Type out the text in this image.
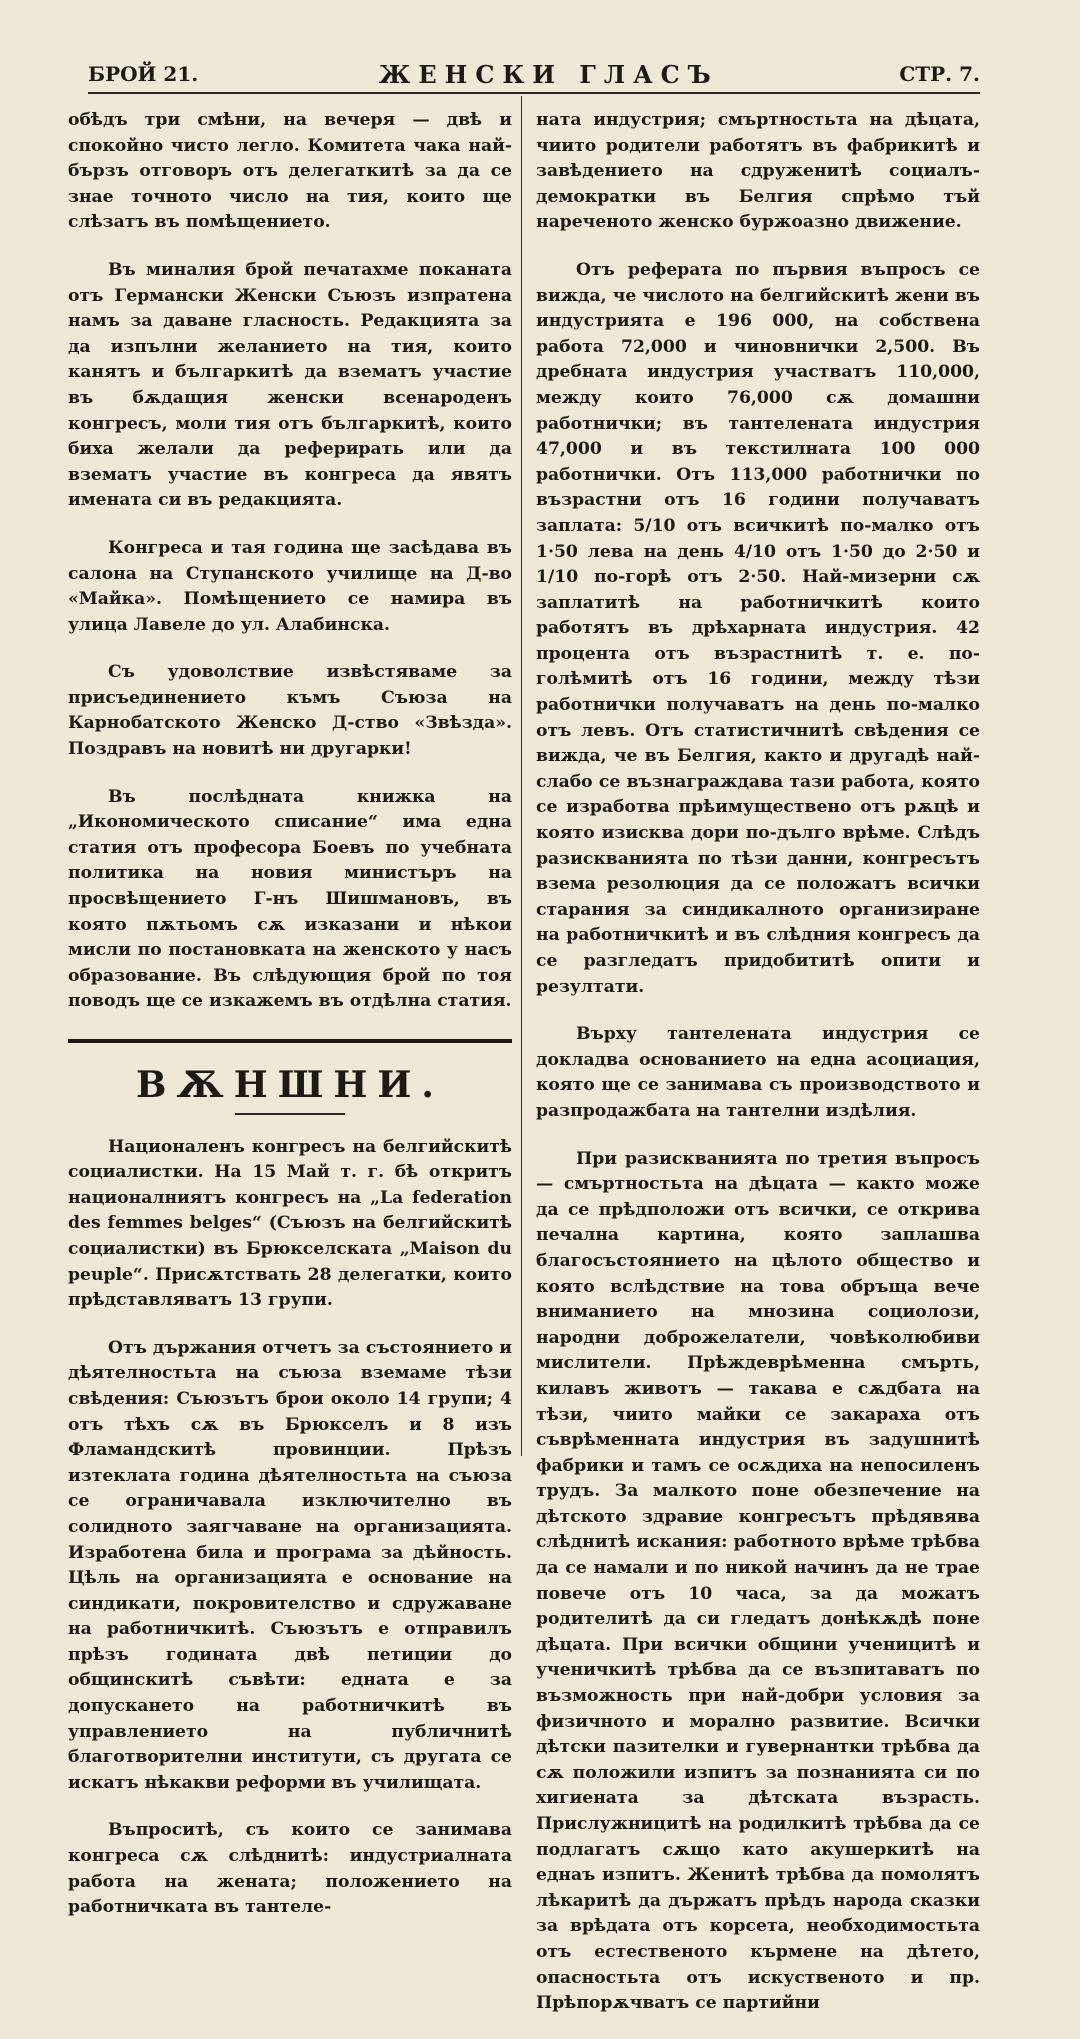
БРОЙ 21.	ЖЕНСКИ ГЛАСЪ	СТР. 7.

обѣдъ три смѣни, на вечеря — двѣ и спокойно чисто легло. Комитета чака най-бързъ отговоръ отъ делегаткитѣ за да се знае точното число на тия, които ще слѣзатъ въ помѣщението.

Въ миналия брой печатахме поканата отъ Германски Женски Съюзъ изпратена намъ за даване гласность. Редакцията за да изпълни желанието на тия, които канятъ и българкитѣ да взематъ участие въ бѫдащия женски всенароденъ конгресъ, моли тия отъ българкитѣ, които биха желали да реферирать или да взематъ участие въ конгреса да явятъ имената си въ редакцията.

Конгреса и тая година ще засѣдава въ салона на Ступанското училище на Д-во «Майка». Помѣщението се намира въ улица Лавеле до ул. Алабинска.

Съ удоволствие извѣстяваме за присъединението къмъ Съюза на Карнобатското Женско Д-ство «Звѣзда». Поздравъ на новитѣ ни другарки!

Въ послѣдната книжка на „Икономическото списание“ има една статия отъ професора Боевъ по учебната политика на новия министъръ на просвѣщението Г-нъ Шишмановъ, въ която пѫтьомъ сѫ изказани и нѣкои мисли по постановката на женското у насъ образование. Въ слѣдующия брой по тоя поводъ ще се изкажемъ въ отдѣлна статия.

ВѪНШНИ.

Националенъ конгресъ на белгийскитѣ социалистки. На 15 Май т. г. бѣ откритъ националниятъ конгресъ на „La federation des femmes belges“ (Съюзъ на белгийскитѣ социалистки) въ Брюкселската „Maison du peuple“. Присѫтствать 28 делегатки, които прѣдставляватъ 13 групи.

Отъ държания отчетъ за състоянието и дѣятелностьта на съюза вземаме тѣзи свѣдения: Съюзътъ брои около 14 групи; 4 отъ тѣхъ сѫ въ Брюкселъ и 8 изъ Фламандскитѣ провинции. Прѣзъ изтеклата година дѣятелностьта на съюза се ограничавала изключително въ солидното заягчаване на организацията. Изработена била и програма за дѣйность. Цѣль на организацията е основание на синдикати, покровителство и сдружаване на работничкитѣ. Съюзътъ е отправилъ прѣзъ годината двѣ петиции до общинскитѣ съвѣти: едната е за допускането на работничкитѣ въ управлението на публичнитѣ благотворителни институти, съ другата се искатъ нѣкакви реформи въ училищата.

Въпроситѣ, съ които се занимава конгреса сѫ слѣднитѣ: индустриалната работа на жената; положението на работничката въ тантеле-

ната индустрия; смъртностьта на дѣцата, чиито родители работятъ въ фабрикитѣ и завѣдението на сдруженитѣ социалъ-демократки въ Белгия спрѣмо тъй нареченото женско буржоазно движение.

Отъ реферата по първия въпросъ се вижда, че числото на белгийскитѣ жени въ индустрията е 196 000, на собствена работа 72,000 и чиновнички 2,500. Въ дребната индустрия участватъ 110,000, между които 76,000 сѫ домашни работнички; въ тантелената индустрия 47,000 и въ текстилната 100 000 работнички. Отъ 113,000 работнички по възрастни отъ 16 години получаватъ заплата: 5/10 отъ всичкитѣ по-малко отъ 1·50 лева на день 4/10 отъ 1·50 до 2·50 и 1/10 по-горѣ отъ 2·50. Най-мизерни сѫ заплатитѣ на работничкитѣ които работятъ въ дрѣхарната индустрия. 42 процента отъ възрастнитѣ т. е. по-голѣмитѣ отъ 16 години, между тѣзи работнички получаватъ на день по-малко отъ левъ. Отъ статистичнитѣ свѣдения се вижда, че въ Белгия, както и другадѣ най-слабо се възнаграждава тази работа, която се изработва прѣимуществено отъ рѫцѣ и която изисква дори по-дълго врѣме. Слѣдъ разискванията по тѣзи данни, конгресътъ взема резолюция да се положатъ всички старания за синдикалното организиране на работничкитѣ и въ слѣдния конгресъ да се разгледатъ придобититѣ опити и резултати.

Върху тантелената индустрия се докладва основанието на една асоциация, която ще се занимава съ производството и разпродажбата на тантелни издѣлия.

При разискванията по третия въпросъ — смъртностьта на дѣцата — както може да се прѣдположи отъ всички, се открива печална картина, която заплашва благосъстоянието на цѣлото общество и която вслѣдствие на това обръща вече вниманието на мнозина социолози, народни доброжелатели, човѣколюбиви мислители. Прѣждеврѣменна смърть, килавъ животъ — такава е сѫдбата на тѣзи, чиито майки се закараха отъ съврѣменната индустрия въ задушнитѣ фабрики и тамъ се осѫдиха на непосиленъ трудъ. За малкото поне обезпечение на дѣтското здравие конгресътъ прѣдявява слѣднитѣ искания: работното врѣме трѣбва да се намали и по никой начинъ да не трае повече отъ 10 часа, за да можатъ родителитѣ да си гледатъ донѣкѫдѣ поне дѣцата. При всички общини ученицитѣ и ученичкитѣ трѣбва да се възпитаватъ по възможность при най-добри условия за физичното и морално развитие. Всички дѣтски пазителки и гувернантки трѣбва да сѫ положили изпитъ за познанията си по хигиената за дѣтската възрасть. Прислужницитѣ на родилкитѣ трѣбва да се подлагатъ сѫщо като акушеркитѣ на еднаъ изпитъ. Женитѣ трѣбва да помолятъ лѣкаритѣ да държатъ прѣдъ народа сказки за врѣдата отъ корсета, необходимостьта отъ естественото кърмене на дѣтето, опасностьта отъ искуственото и пр. Прѣпорѫчватъ се партийни
